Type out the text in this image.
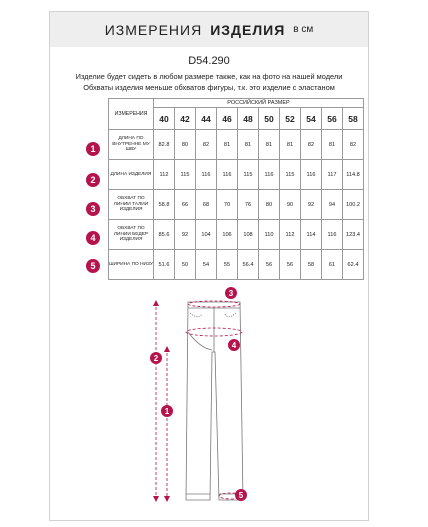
ИЗМЕРЕНИЯ ИЗДЕЛИЯ в см
D54.290
Изделие будет сидеть в любом размере также, как на фото на нашей модели
Обхваты изделия меньше обхватов фигуры, т.к. это изделие с эластаном
ИЗМЕРЕНИЯ	РОССИЙСКИЙ РАЗМЕР									
	40	42	44	46	48	50	52	54	56	58
ДЛИНА ПО ВНУТРЕННЕ МУ ШВУ	82.8	80	82	81	81	81	81	82	81	82
ДЛИНА ИЗДЕЛИЯ	112	115	116	116	115	116	115	116	117	114.8
ОБХВАТ ПО ЛИНИИ ТАЛИИ ИЗДЕЛИЯ	58.8	66	68	70	76	80	90	92	94	100.2
ОБХВАТ ПО ЛИНИИ БЕДЕР ИЗДЕЛИЯ	85.6	92	104	106	108	110	112	114	116	123.4
ШИРИНА ПО НИЗУ	51.6	50	54	55	56.4	56	56	58	61	62.4
1
2
3
4
5
1
2
3
4
5
